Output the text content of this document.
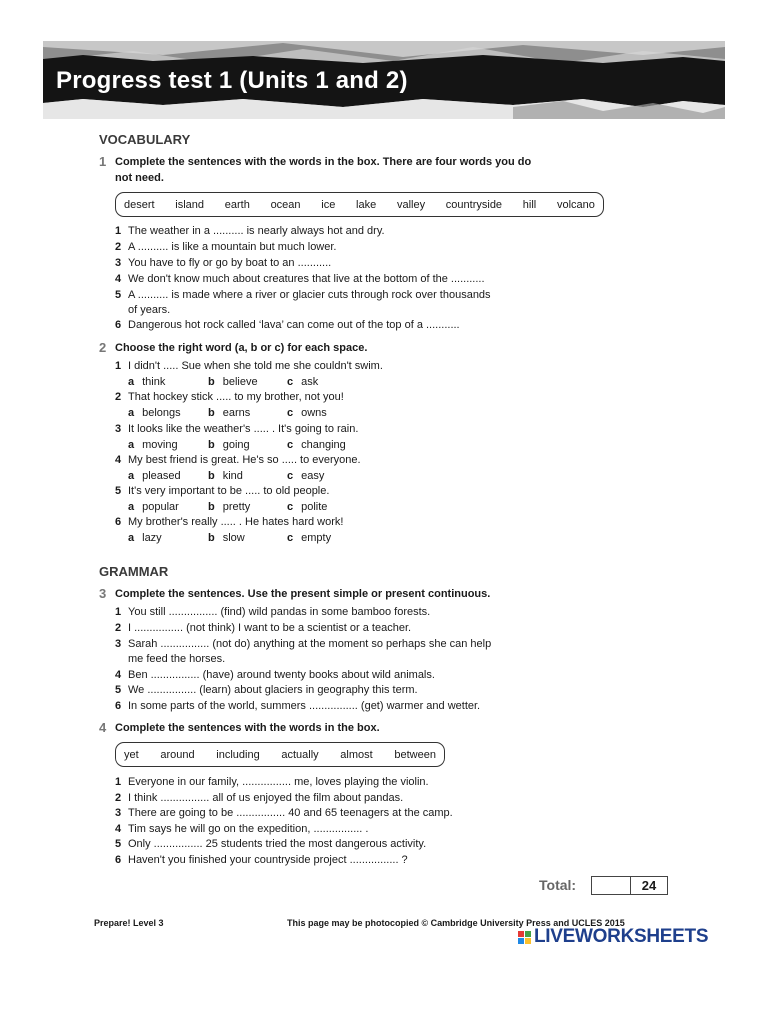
Progress test 1 (Units 1 and 2)
VOCABULARY
1 Complete the sentences with the words in the box. There are four words you do
not need.
desert island earth ocean ice lake valley countryside hill volcano
1 The weather in a .......... is nearly always hot and dry.
2 A .......... is like a mountain but much lower.
3 You have to fly or go by boat to an ...........
4 We don't know much about creatures that live at the bottom of the ...........
5 A .......... is made where a river or glacier cuts through rock over thousands
of years.
6 Dangerous hot rock called ‘lava’ can come out of the top of a ...........
2 Choose the right word (a, b or c) for each space.
1 I didn't ..... Sue when she told me she couldn't swim.
a think	b believe	c ask
2 That hockey stick ..... to my brother, not you!
a belongs b earns	c owns
3 It looks like the weather's ..... . It's going to rain.
a moving	b going	c changing
4 My best friend is great. He's so ..... to everyone.
a pleased b kind	c easy
5 It's very important to be ..... to old people.
a popular	b pretty	c polite
6 My brother's really ..... . He hates hard work!
a lazy	b slow	c empty
GRAMMAR
3 Complete the sentences. Use the present simple or present continuous.
1 You still ................ (find) wild pandas in some bamboo forests.
2 I ................ (not think) I want to be a scientist or a teacher.
3 Sarah ................ (not do) anything at the moment so perhaps she can help
me feed the horses.
4 Ben ................ (have) around twenty books about wild animals.
5 We ................ (learn) about glaciers in geography this term.
6 In some parts of the world, summers ................ (get) warmer and wetter.
4 Complete the sentences with the words in the box.
yet around including actually almost between
1 Everyone in our family, ................ me, loves playing the violin.
2 I think ................ all of us enjoyed the film about pandas.
3 There are going to be ................ 40 and 65 teenagers at the camp.
4 Tim says he will go on the expedition, ................ .
5 Only ................ 25 students tried the most dangerous activity.
6 Haven't you finished your countryside project ................ ?
Total:	24
Prepare! Level 3	This page may be photocopied © Cambridge University Press and UCLES 2015
LIVEWORKSHEETS
